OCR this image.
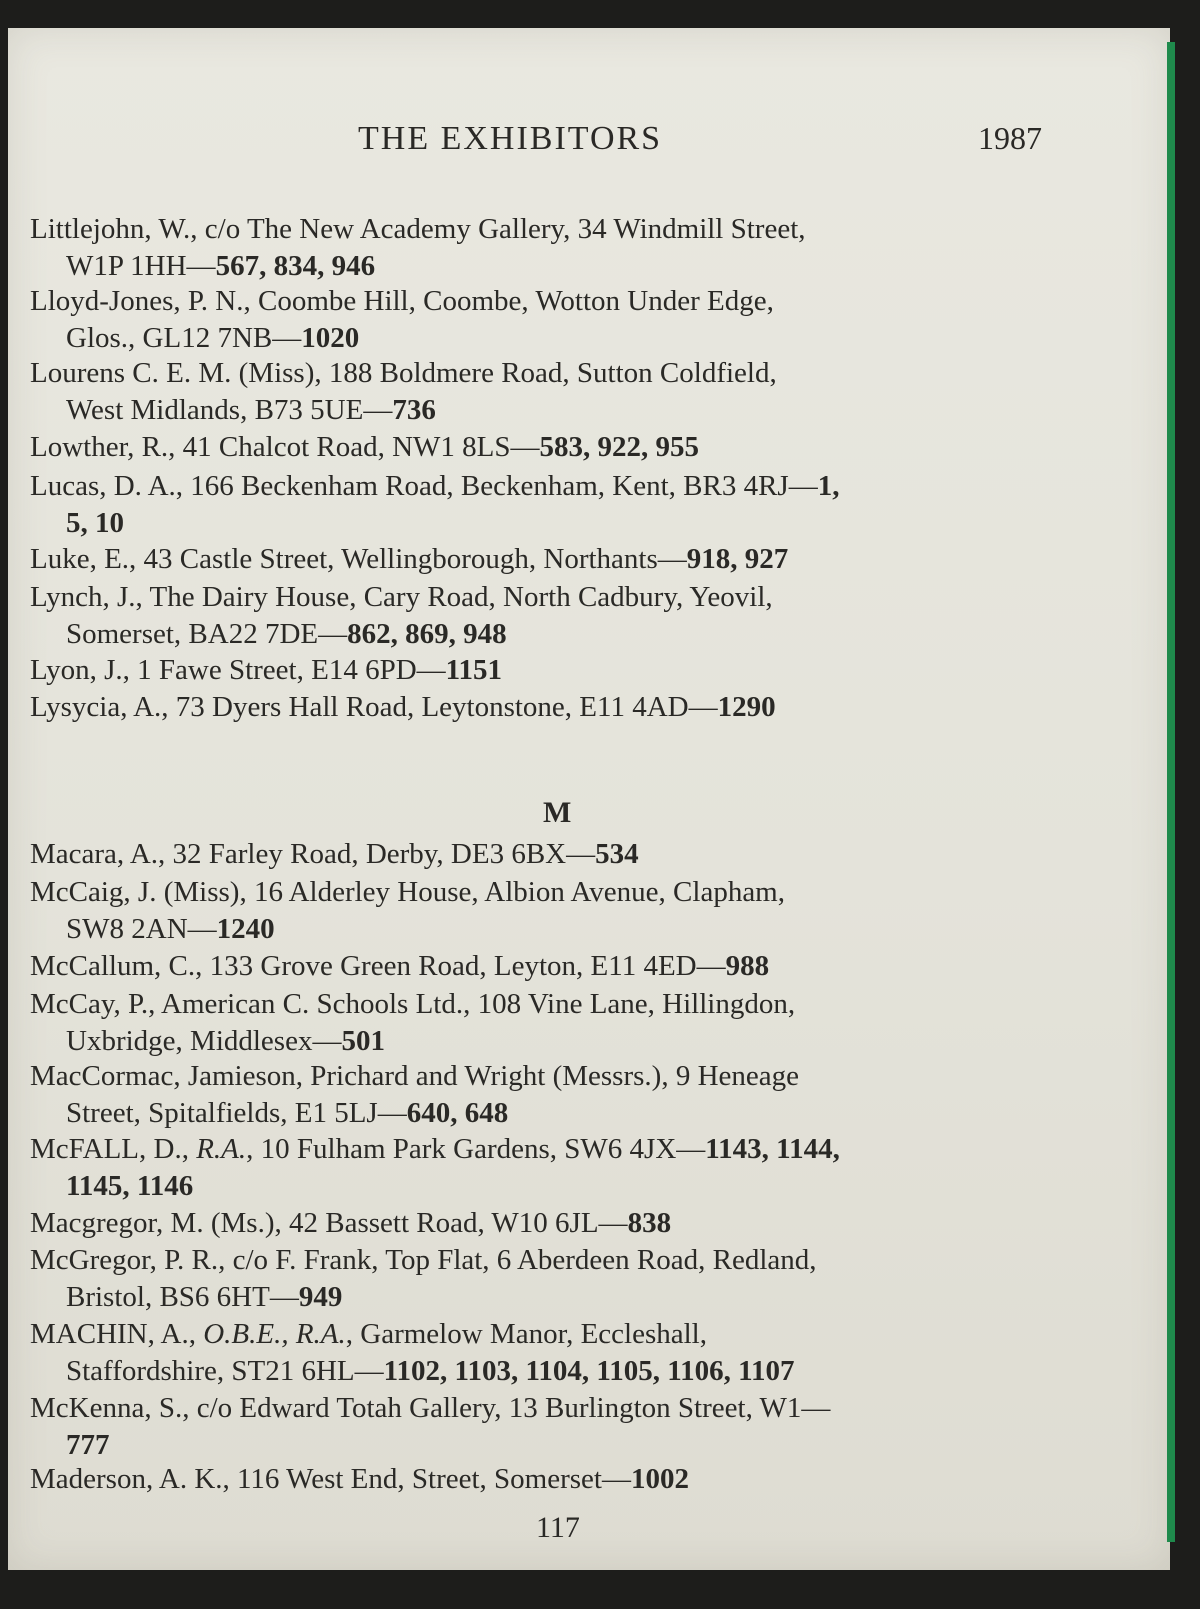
THE EXHIBITORS	1987
Littlejohn, W., c/o The New Academy Gallery, 34 Windmill Street,
W1P 1HH—567, 834, 946
Lloyd-Jones, P. N., Coombe Hill, Coombe, Wotton Under Edge,
Glos., GL12 7NB—1020
Lourens C. E. M. (Miss), 188 Boldmere Road, Sutton Coldfield,
West Midlands, B73 5UE—736
Lowther, R., 41 Chalcot Road, NW1 8LS—583, 922, 955
Lucas, D. A., 166 Beckenham Road, Beckenham, Kent, BR3 4RJ—1,
5, 10
Luke, E., 43 Castle Street, Wellingborough, Northants—918, 927
Lynch, J., The Dairy House, Cary Road, North Cadbury, Yeovil,
Somerset, BA22 7DE—862, 869, 948
Lyon, J., 1 Fawe Street, E14 6PD—1151
Lysycia, A., 73 Dyers Hall Road, Leytonstone, E11 4AD—1290
M
Macara, A., 32 Farley Road, Derby, DE3 6BX—534
McCaig, J. (Miss), 16 Alderley House, Albion Avenue, Clapham,
SW8 2AN—1240
McCallum, C., 133 Grove Green Road, Leyton, E11 4ED—988
McCay, P., American C. Schools Ltd., 108 Vine Lane, Hillingdon,
Uxbridge, Middlesex—501
MacCormac, Jamieson, Prichard and Wright (Messrs.), 9 Heneage
Street, Spitalfields, E1 5LJ—640, 648
McFALL, D., R.A., 10 Fulham Park Gardens, SW6 4JX—1143, 1144,
1145, 1146
Macgregor, M. (Ms.), 42 Bassett Road, W10 6JL—838
McGregor, P. R., c/o F. Frank, Top Flat, 6 Aberdeen Road, Redland,
Bristol, BS6 6HT—949
MACHIN, A., O.B.E., R.A., Garmelow Manor, Eccleshall,
Staffordshire, ST21 6HL—1102, 1103, 1104, 1105, 1106, 1107
McKenna, S., c/o Edward Totah Gallery, 13 Burlington Street, W1—
777
Maderson, A. K., 116 West End, Street, Somerset—1002
117
